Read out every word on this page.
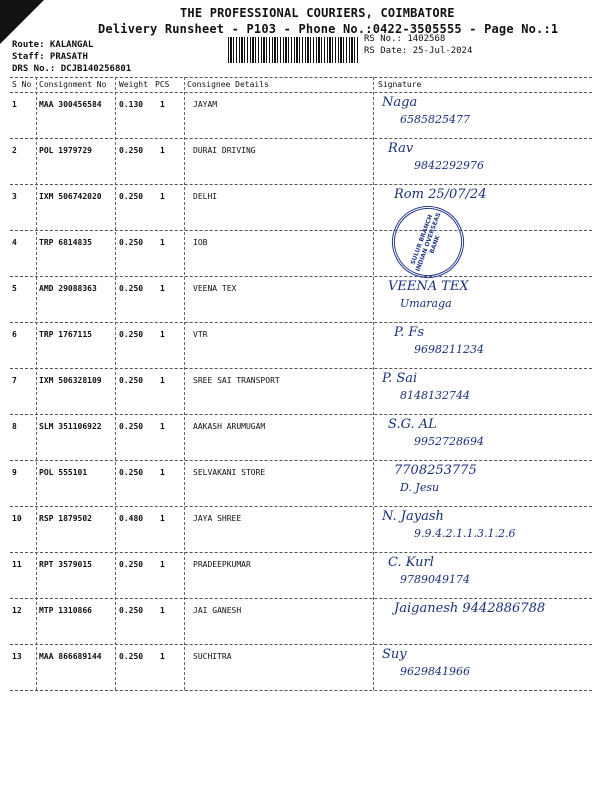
THE PROFESSIONAL COURIERS, COIMBATORE
Delivery Runsheet - P103 - Phone No.:0422-3505555 - Page No.:1
Route: KALANGAL
Staff: PRASATH
DRS No.: DCJB140256801
RS No.: 1402568
RS Date: 25-Jul-2024
S No Consignment No Weight PCS Consignee Details	Signature
1	MAA 300456584 0.130 1	JAYAM	Naga
6585825477
2	POL 1979729	0.250 1	DURAI DRIVING	Rav
9842292976
3	IXM 506742020 0.250 1	DELHI	Rom 25/07/24
4	TRP 6814835	0.250 1	IOB
5	AMD 29088363	0.250 1	VEENA TEX	VEENA TEX
Umaraga
6	TRP 1767115	0.250 1	VTR	P. Fs
9698211234
7	IXM 506328109 0.250 1	SREE SAI TRANSPORT	P. Sai
8148132744
8	SLM 351106922 0.250 1	AAKASH ARUMUGAM	S.G. AL
9952728694
9	POL 555101	0.250 1	SELVAKANI STORE	7708253775
D. Jesu
10 RSP 1879502	0.480 1	JAYA SHREE	N. Jayash
9.9.4.2.1.1.3.1.2.6
11 RPT 3579015	0.250 1	PRADEEPKUMAR	C. Kurl
9789049174
12 MTP 1310866	0.250 1	JAI GANESH	Jaiganesh 9442886788
13 MAA 866689144 0.250 1	SUCHITRA	Suy
9629841966
SULUR BRANCH INDIAN OVERSEAS BANK
